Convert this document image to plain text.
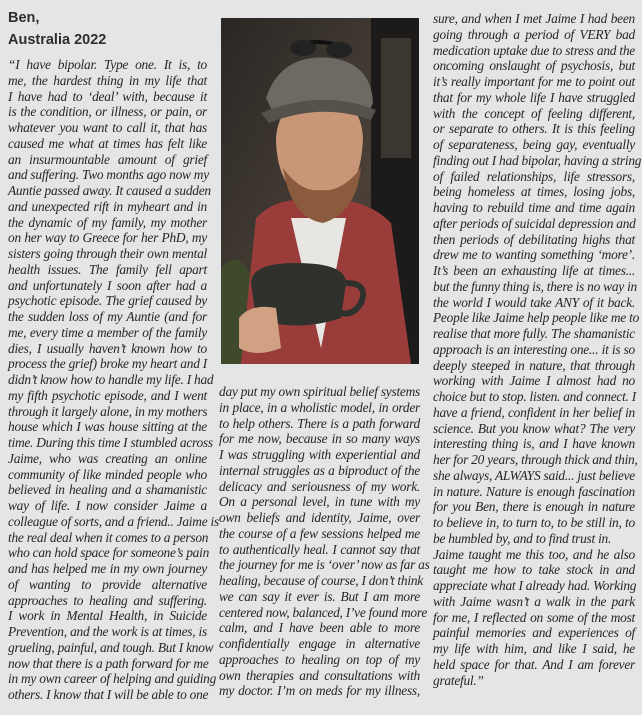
Ben,
Australia 2022
“I have bipolar. Type one. It is, to
me, the hardest thing in my life that
I have had to ‘deal’ with, because it
is the condition, or illness, or pain, or
whatever you want to call it, that has
caused me what at times has felt like
an insurmountable amount of grief
and suffering. Two months ago now my
Auntie passed away. It caused a sudden
and unexpected rift in myheart and in
the dynamic of my family, my mother
on her way to Greece for her PhD, my
sisters going through their own mental
health issues. The family fell apart
and unfortunately I soon after had a
psychotic episode. The grief caused by
the sudden loss of my Auntie (and for
me, every time a member of the family
dies, I usually haven’t known how to
process the grief) broke my heart and I
didn’t know how to handle my life. I had
my fifth psychotic episode, and I went
through it largely alone, in my mothers
house which I was house sitting at the
time. During this time I stumbled across
Jaime, who was creating an online
community of like minded people who
believed in healing and a shamanistic
way of life. I now consider Jaime a
colleague of sorts, and a friend.. Jaime is
the real deal when it comes to a person
who can hold space for someone’s pain
and has helped me in my own journey
of wanting to provide alternative
approaches to healing and suffering.
I work in Mental Health, in Suicide
Prevention, and the work is at times, is
grueling, painful, and tough. But I know
now that there is a path forward for me
in my own career of helping and guiding
others. I know that I will be able to one
day put my own spiritual belief systems
in place, in a wholistic model, in order
to help others. There is a path forward
for me now, because in so many ways
I was struggling with experiential and
internal struggles as a biproduct of the
delicacy and seriousness of my work.
On a personal level, in tune with my
own beliefs and identity, Jaime, over
the course of a few sessions helped me
to authentically heal. I cannot say that
the journey for me is ‘over’ now as far as
healing, because of course, I don’t think
we can say it ever is. But I am more
centered now, balanced, I’ve found more
calm, and I have been able to more
confidentially engage in alternative
approaches to healing on top of my
own therapies and consultations with
my doctor. I’m on meds for my illness,
sure, and when I met Jaime I had been
going through a period of VERY bad
medication uptake due to stress and the
oncoming onslaught of psychosis, but
it’s really important for me to point out
that for my whole life I have struggled
with the concept of feeling different,
or separate to others. It is this feeling
of separateness, being gay, eventually
finding out I had bipolar, having a string
of failed relationships, life stressors,
being homeless at times, losing jobs,
having to rebuild time and time again
after periods of suicidal depression and
then periods of debilitating highs that
drew me to wanting something ‘more’.
It’s been an exhausting life at times...
but the funny thing is, there is no way in
the world I would take ANY of it back.
People like Jaime help people like me to
realise that more fully. The shamanistic
approach is an interesting one... it is so
deeply steeped in nature, that through
working with Jaime I almost had no
choice but to stop. listen. and connect. I
have a friend, confident in her belief in
science. But you know what? The very
interesting thing is, and I have known
her for 20 years, through thick and thin,
she always, ALWAYS said... just believe
in nature. Nature is enough fascination
for you Ben, there is enough in nature
to believe in, to turn to, to be still in, to
be humbled by, and to find trust in.
Jaime taught me this too, and he also
taught me how to take stock in and
appreciate what I already had. Working
with Jaime wasn’t a walk in the park
for me, I reflected on some of the most
painful memories and experiences of
my life with him, and like I said, he
held space for that. And I am forever
grateful.”
